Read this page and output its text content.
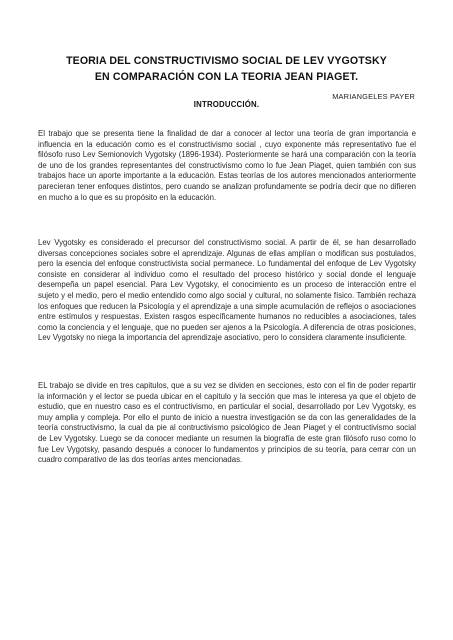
TEORIA DEL CONSTRUCTIVISMO SOCIAL DE LEV VYGOTSKY
EN COMPARACIÓN CON LA TEORIA JEAN PIAGET.

MARIANGELES PAYER

INTRODUCCIÓN.

El trabajo que se presenta tiene la finalidad de dar a conocer al lector una teoría de gran importancia e influencia en la educación como es el constructivismo social , cuyo exponente más representativo fue el filósofo ruso Lev Semionovich Vygotsky (1896-1934). Posteriormente se hará una comparación con la teoría de uno de los grandes representantes del constructivismo como lo fue Jean Piaget, quien también con sus trabajos hace un aporte importante a la educación. Estas teorías de los autores mencionados anteriormente parecieran tener enfoques distintos, pero cuando se analizan profundamente se podría decir que no difieren en mucho a lo que es su propósito en la educación.

Lev Vygotsky es considerado el precursor del constructivismo social. A partir de él, se han desarrollado diversas concepciones sociales sobre el aprendizaje. Algunas de ellas amplían o modifican sus postulados, pero la esencia del enfoque constructivista social permanece. Lo fundamental del enfoque de Lev Vygotsky consiste en considerar al individuo como el resultado del proceso histórico y social donde el lenguaje desempeña un papel esencial. Para Lev Vygotsky, el conocimiento es un proceso de interacción entre el sujeto y el medio, pero el medio entendido como algo social y cultural, no solamente físico. También rechaza los enfoques que reducen la Psicología y el aprendizaje a una simple acumulación de reflejos o asociaciones entre estímulos y respuestas. Existen rasgos específicamente humanos no reducibles a asociaciones, tales como la conciencia y el lenguaje, que no pueden ser ajenos a la Psicología. A diferencia de otras posiciones, Lev Vygotsky no niega la importancia del aprendizaje asociativo, pero lo considera claramente insuficiente.

EL trabajo se divide en tres capitulos, que a su vez se dividen en secciones, esto con el fin de poder repartir la información y el lector se pueda ubicar en el capitulo y la sección que mas le interesa ya que el objeto de estudio, que en nuestro caso es el contructivismo, en particular el social, desarrollado por Lev Vygotsky, es muy amplia y compleja. Por ello el punto de inicio a nuestra investigación se da con las generalidades de la teoría constructivismo, la cual da pie al contructivismo psicológico de Jean Piaget y el contructivismo social de Lev Vygotsky. Luego se da conocer mediante un resumen la biografía de este gran filósofo ruso como lo fue Lev Vygotsky, pasando después a conocer lo fundamentos y principios de su teoría, para cerrar con un cuadro comparativo de las dos teorías antes mencionadas.
